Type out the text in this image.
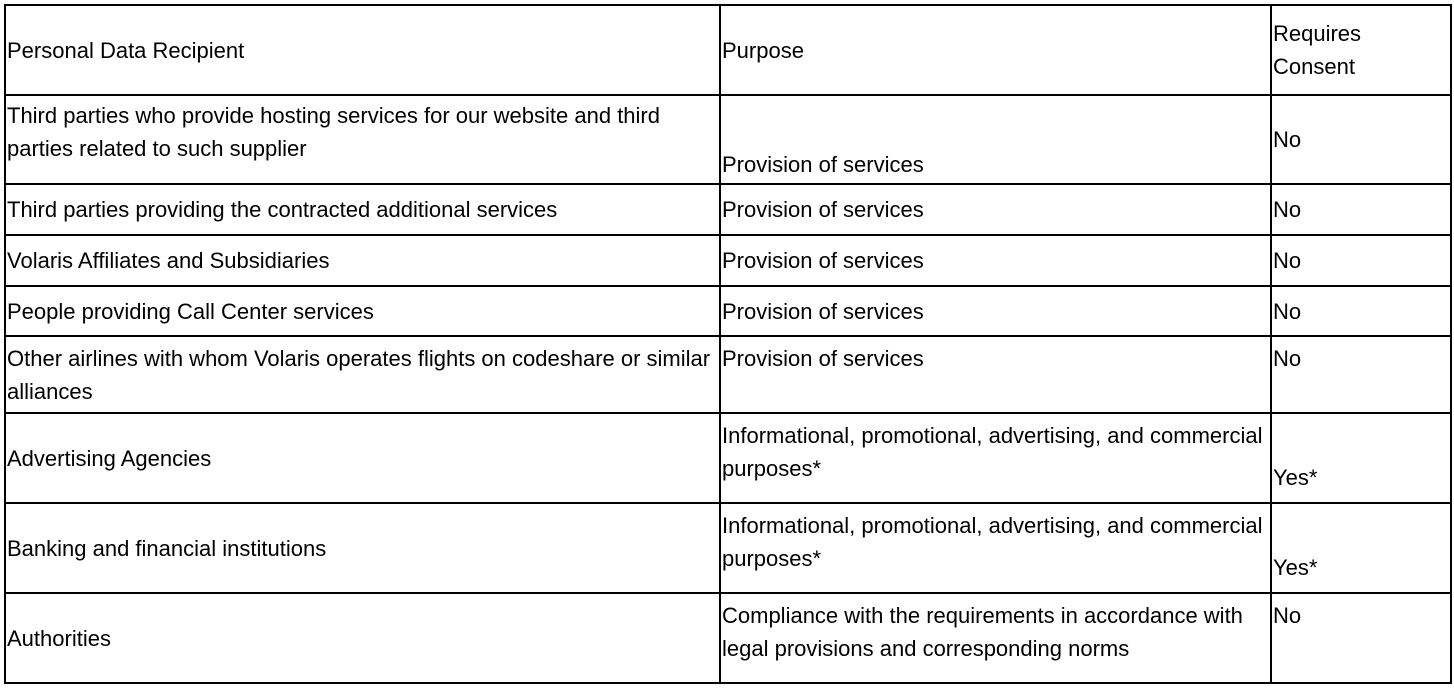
Personal Data Recipient	Purpose	Requires Consent

Third parties who provide hosting services for our website and third parties related to such supplier	Provision of services	No

Third parties providing the contracted additional services	Provision of services	No

Volaris Affiliates and Subsidiaries	Provision of services	No

People providing Call Center services	Provision of services	No

Other airlines with whom Volaris operates flights on codeshare or similar alliances	Provision of services	No

Advertising Agencies	Informational, promotional, advertising, and commercial purposes*	Yes*

Banking and financial institutions	Informational, promotional, advertising, and commercial purposes*	Yes*

Authorities	Compliance with the requirements in accordance with legal provisions and corresponding norms	No
